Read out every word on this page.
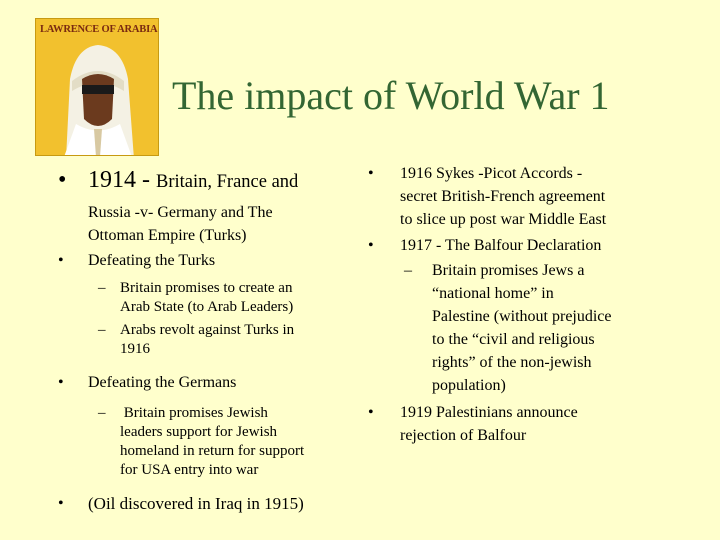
LAWRENCE OF ARABIA
The impact of World War 1
• 1914 - Britain, France and
Russia -v- Germany and The
Ottoman Empire (Turks)
• Defeating the Turks
– Britain promises to create an
Arab State (to Arab Leaders)
– Arabs revolt against Turks in
1916
• Defeating the Germans
– Britain promises Jewish
leaders support for Jewish
homeland in return for support
for USA entry into war
• (Oil discovered in Iraq in 1915)
• 1916 Sykes -Picot Accords -
secret British-French agreement
to slice up post war Middle East
• 1917 - The Balfour Declaration
– Britain promises Jews a
“national home” in
Palestine (without prejudice
to the “civil and religious
rights” of the non-jewish
population)
• 1919 Palestinians announce
rejection of Balfour
